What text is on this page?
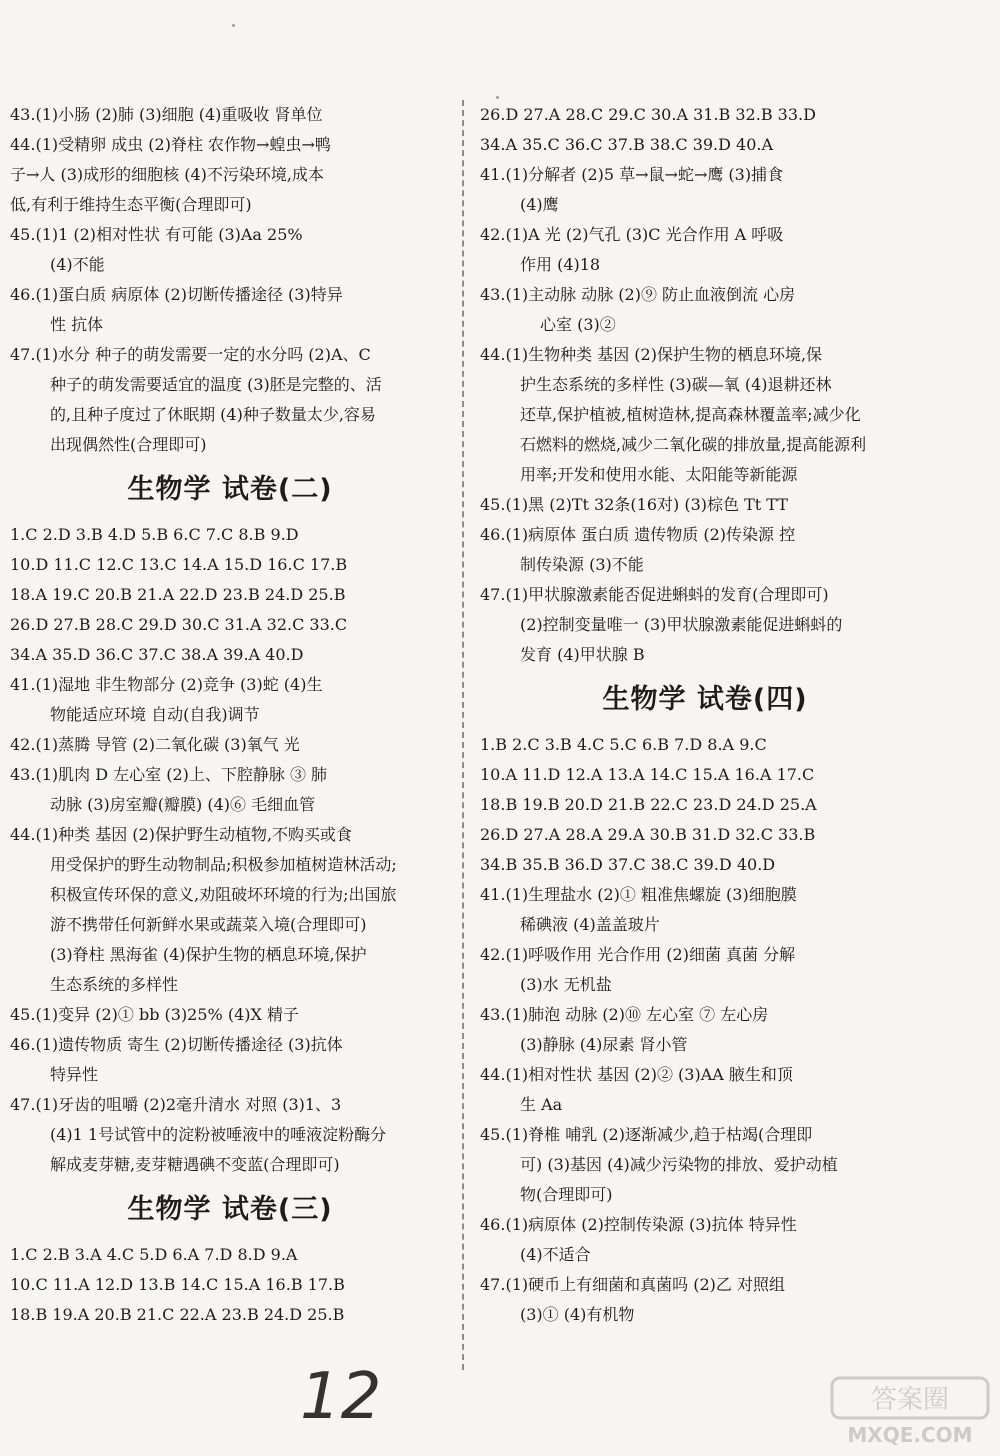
43.(1)小肠 (2)肺 (3)细胞 (4)重吸收 肾单位
44.(1)受精卵 成虫 (2)脊柱 农作物→蝗虫→鸭
子→人 (3)成形的细胞核 (4)不污染环境,成本
低,有利于维持生态平衡(合理即可)
45.(1)1 (2)相对性状 有可能 (3)Aa 25%
(4)不能
46.(1)蛋白质 病原体 (2)切断传播途径 (3)特异
性 抗体
47.(1)水分 种子的萌发需要一定的水分吗 (2)A、C
种子的萌发需要适宜的温度 (3)胚是完整的、活
的,且种子度过了休眠期 (4)种子数量太少,容易
出现偶然性(合理即可)
生物学 试卷(二)
1.C 2.D 3.B 4.D 5.B 6.C 7.C 8.B 9.D
10.D 11.C 12.C 13.C 14.A 15.D 16.C 17.B
18.A 19.C 20.B 21.A 22.D 23.B 24.D 25.B
26.D 27.B 28.C 29.D 30.C 31.A 32.C 33.C
34.A 35.D 36.C 37.C 38.A 39.A 40.D
41.(1)湿地 非生物部分 (2)竞争 (3)蛇 (4)生
物能适应环境 自动(自我)调节
42.(1)蒸腾 导管 (2)二氧化碳 (3)氧气 光
43.(1)肌肉 D 左心室 (2)上、下腔静脉 ③ 肺
动脉 (3)房室瓣(瓣膜) (4)⑥ 毛细血管
44.(1)种类 基因 (2)保护野生动植物,不购买或食
用受保护的野生动物制品;积极参加植树造林活动;
积极宣传环保的意义,劝阻破坏环境的行为;出国旅
游不携带任何新鲜水果或蔬菜入境(合理即可)
(3)脊柱 黑海雀 (4)保护生物的栖息环境,保护
生态系统的多样性
45.(1)变异 (2)① bb (3)25% (4)X 精子
46.(1)遗传物质 寄生 (2)切断传播途径 (3)抗体
特异性
47.(1)牙齿的咀嚼 (2)2毫升清水 对照 (3)1、3
(4)1 1号试管中的淀粉被唾液中的唾液淀粉酶分
解成麦芽糖,麦芽糖遇碘不变蓝(合理即可)
生物学 试卷(三)
1.C 2.B 3.A 4.C 5.D 6.A 7.D 8.D 9.A
10.C 11.A 12.D 13.B 14.C 15.A 16.B 17.B
18.B 19.A 20.B 21.C 22.A 23.B 24.D 25.B
26.D 27.A 28.C 29.C 30.A 31.B 32.B 33.D
34.A 35.C 36.C 37.B 38.C 39.D 40.A
41.(1)分解者 (2)5 草→鼠→蛇→鹰 (3)捕食
(4)鹰
42.(1)A 光 (2)气孔 (3)C 光合作用 A 呼吸
作用 (4)18
43.(1)主动脉 动脉 (2)⑨ 防止血液倒流 心房
心室 (3)②
44.(1)生物种类 基因 (2)保护生物的栖息环境,保
护生态系统的多样性 (3)碳—氧 (4)退耕还林
还草,保护植被,植树造林,提高森林覆盖率;减少化
石燃料的燃烧,减少二氧化碳的排放量,提高能源利
用率;开发和使用水能、太阳能等新能源
45.(1)黑 (2)Tt 32条(16对) (3)棕色 Tt TT
46.(1)病原体 蛋白质 遗传物质 (2)传染源 控
制传染源 (3)不能
47.(1)甲状腺激素能否促进蝌蚪的发育(合理即可)
(2)控制变量唯一 (3)甲状腺激素能促进蝌蚪的
发育 (4)甲状腺 B
生物学 试卷(四)
1.B 2.C 3.B 4.C 5.C 6.B 7.D 8.A 9.C
10.A 11.D 12.A 13.A 14.C 15.A 16.A 17.C
18.B 19.B 20.D 21.B 22.C 23.D 24.D 25.A
26.D 27.A 28.A 29.A 30.B 31.D 32.C 33.B
34.B 35.B 36.D 37.C 38.C 39.D 40.D
41.(1)生理盐水 (2)① 粗准焦螺旋 (3)细胞膜
稀碘液 (4)盖盖玻片
42.(1)呼吸作用 光合作用 (2)细菌 真菌 分解
(3)水 无机盐
43.(1)肺泡 动脉 (2)⑩ 左心室 ⑦ 左心房
(3)静脉 (4)尿素 肾小管
44.(1)相对性状 基因 (2)② (3)AA 腋生和顶
生 Aa
45.(1)脊椎 哺乳 (2)逐渐减少,趋于枯竭(合理即
可) (3)基因 (4)减少污染物的排放、爱护动植
物(合理即可)
46.(1)病原体 (2)控制传染源 (3)抗体 特异性
(4)不适合
47.(1)硬币上有细菌和真菌吗 (2)乙 对照组
(3)① (4)有机物
12	答案圈
MXQE.COM
